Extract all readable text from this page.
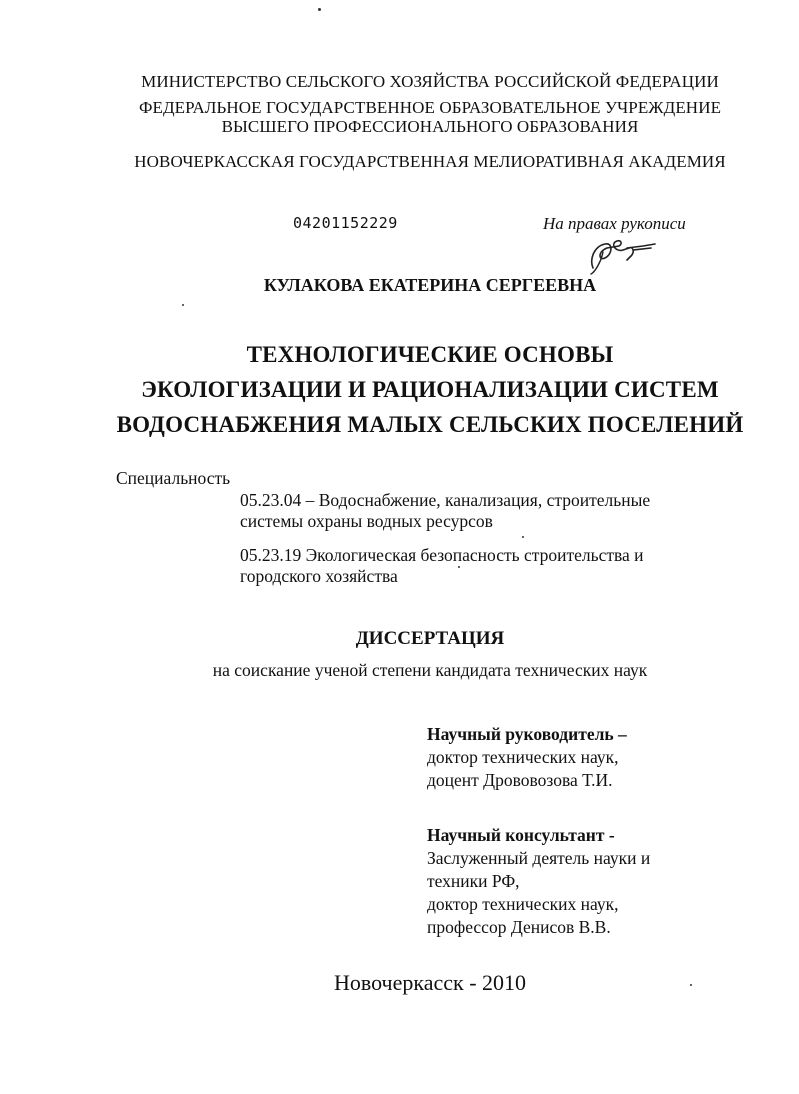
МИНИСТЕРСТВО СЕЛЬСКОГО ХОЗЯЙСТВА РОССИЙСКОЙ ФЕДЕРАЦИИ
ФЕДЕРАЛЬНОЕ ГОСУДАРСТВЕННОЕ ОБРАЗОВАТЕЛЬНОЕ УЧРЕЖДЕНИЕ
ВЫСШЕГО ПРОФЕССИОНАЛЬНОГО ОБРАЗОВАНИЯ
НОВОЧЕРКАССКАЯ ГОСУДАРСТВЕННАЯ МЕЛИОРАТИВНАЯ АКАДЕМИЯ
04201152229	На правах рукописи
КУЛАКОВА ЕКАТЕРИНА СЕРГЕЕВНА
ТЕХНОЛОГИЧЕСКИЕ ОСНОВЫ
ЭКОЛОГИЗАЦИИ И РАЦИОНАЛИЗАЦИИ СИСТЕМ
ВОДОСНАБЖЕНИЯ МАЛЫХ СЕЛЬСКИХ ПОСЕЛЕНИЙ
Специальность
05.23.04 – Водоснабжение, канализация, строительные
системы охраны водных ресурсов
05.23.19 Экологическая безопасность строительства и
городского хозяйства
ДИССЕРТАЦИЯ
на соискание ученой степени кандидата технических наук
Научный руководитель –
доктор технических наук,
доцент Дрововозова Т.И.
Научный консультант -
Заслуженный деятель науки и
техники РФ,
доктор технических наук,
профессор Денисов В.В.
Новочеркасск - 2010
